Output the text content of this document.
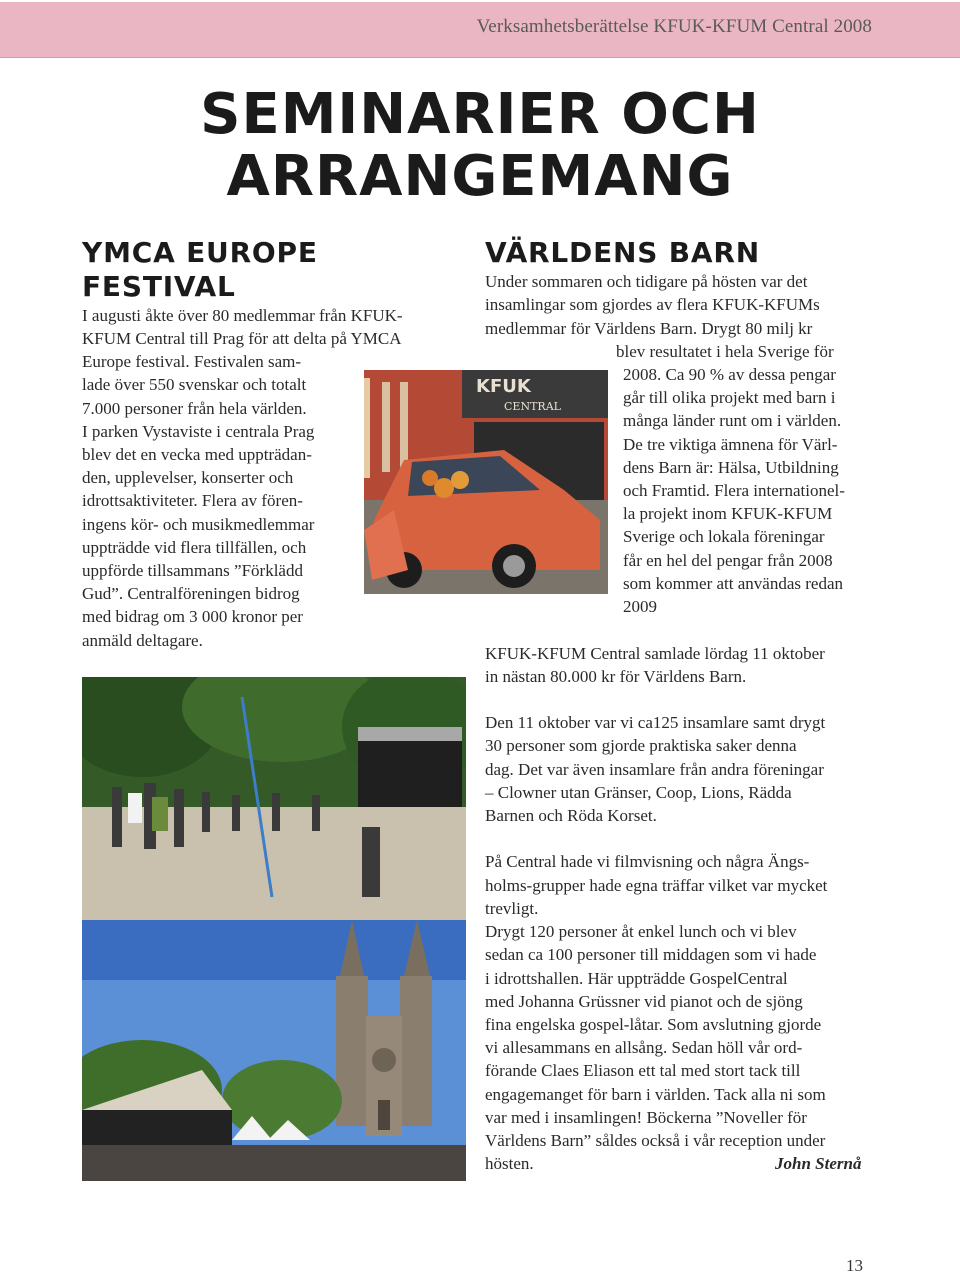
Verksamhetsberättelse KFUK-KFUM Central 2008
SEMINARIER OCH
ARRANGEMANG
YMCA EUROPE
FESTIVAL
I augusti åkte över 80 medlemmar från KFUK-
KFUM Central till Prag för att delta på YMCA
Europe festival. Festivalen sam-
lade över 550 svenskar och totalt
7.000 personer från hela världen.
I parken Vystaviste i centrala Prag
blev det en vecka med uppträdan-
den, upplevelser, konserter och
idrottsaktiviteter. Flera av fören-
ingens kör- och musikmedlemmar
uppträdde vid flera tillfällen, och
uppförde tillsammans ”Förklädd
Gud”. Centralföreningen bidrog
med bidrag om 3 000 kronor per
anmäld deltagare.
KFUK
CENTRAL
VÄRLDENS BARN
Under sommaren och tidigare på hösten var det
insamlingar som gjordes av flera KFUK-KFUMs
medlemmar för Världens Barn. Drygt 80 milj kr
blev resultatet i hela Sverige för
2008. Ca 90 % av dessa pengar
går till olika projekt med barn i
många länder runt om i världen.
De tre viktiga ämnena för Värl-
dens Barn är: Hälsa, Utbildning
och Framtid. Flera internationel-
la projekt inom KFUK-KFUM
Sverige och lokala föreningar
får en hel del pengar från 2008
som kommer att användas redan
2009
KFUK-KFUM Central samlade lördag 11 oktober
in nästan 80.000 kr för Världens Barn.
Den 11 oktober var vi ca125 insamlare samt drygt
30 personer som gjorde praktiska saker denna
dag. Det var även insamlare från andra föreningar
– Clowner utan Gränser, Coop, Lions, Rädda
Barnen och Röda Korset.
På Central hade vi filmvisning och några Ängs-
holms-grupper hade egna träffar vilket var mycket
trevligt.
Drygt 120 personer åt enkel lunch och vi blev
sedan ca 100 personer till middagen som vi hade
i idrottshallen. Här uppträdde GospelCentral
med Johanna Grüssner vid pianot och de sjöng
fina engelska gospel-låtar. Som avslutning gjorde
vi allesammans en allsång. Sedan höll vår ord-
förande Claes Eliason ett tal med stort tack till
engagemanget för barn i världen. Tack alla ni som
var med i insamlingen! Böckerna ”Noveller för
Världens Barn” såldes också i vår reception under
hösten.	John Sternå
13
